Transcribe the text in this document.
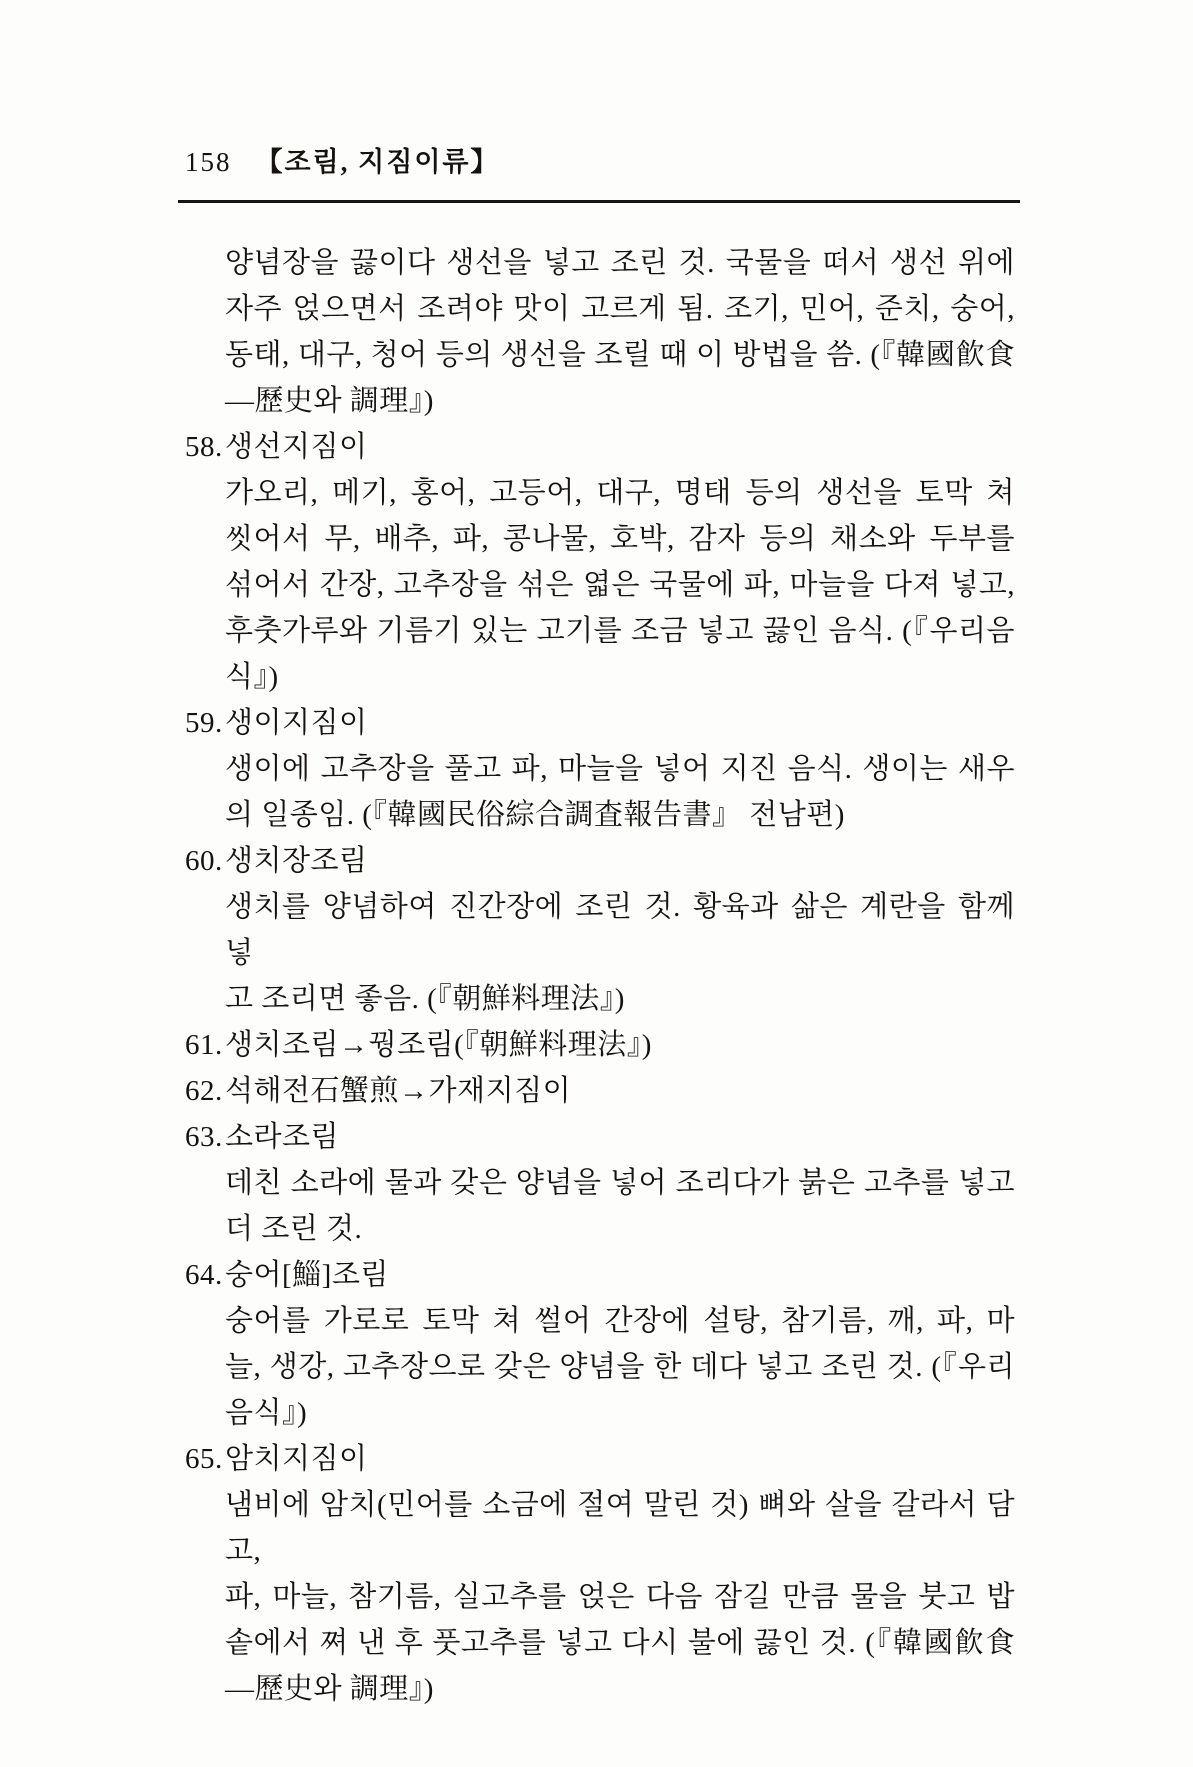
158 【조림, 지짐이류】
양념장을 끓이다 생선을 넣고 조린 것. 국물을 떠서 생선 위에
자주 얹으면서 조려야 맛이 고르게 됨. 조기, 민어, 준치, 숭어,
동태, 대구, 청어 등의 생선을 조릴 때 이 방법을 씀. (『韓國飮食
—歷史와 調理』)
58. 생선지짐이
가오리, 메기, 홍어, 고등어, 대구, 명태 등의 생선을 토막 쳐
씻어서 무, 배추, 파, 콩나물, 호박, 감자 등의 채소와 두부를
섞어서 간장, 고추장을 섞은 엷은 국물에 파, 마늘을 다져 넣고,
후춧가루와 기름기 있는 고기를 조금 넣고 끓인 음식. (『우리음
식』)
59. 생이지짐이
생이에 고추장을 풀고 파, 마늘을 넣어 지진 음식. 생이는 새우
의 일종임. (『韓國民俗綜合調査報告書』 전남편)
60. 생치장조림
생치를 양념하여 진간장에 조린 것. 황육과 삶은 계란을 함께 넣
고 조리면 좋음. (『朝鮮料理法』)
61. 생치조림→꿩조림(『朝鮮料理法』)
62. 석해전石蟹煎→가재지짐이
63. 소라조림
데친 소라에 물과 갖은 양념을 넣어 조리다가 붉은 고추를 넣고
더 조린 것.
64. 숭어[鯔]조림
숭어를 가로로 토막 쳐 썰어 간장에 설탕, 참기름, 깨, 파, 마
늘, 생강, 고추장으로 갖은 양념을 한 데다 넣고 조린 것. (『우리
음식』)
65. 암치지짐이
냄비에 암치(민어를 소금에 절여 말린 것) 뼈와 살을 갈라서 담고,
파, 마늘, 참기름, 실고추를 얹은 다음 잠길 만큼 물을 붓고 밥
솥에서 쪄 낸 후 풋고추를 넣고 다시 불에 끓인 것. (『韓國飮食
—歷史와 調理』)
